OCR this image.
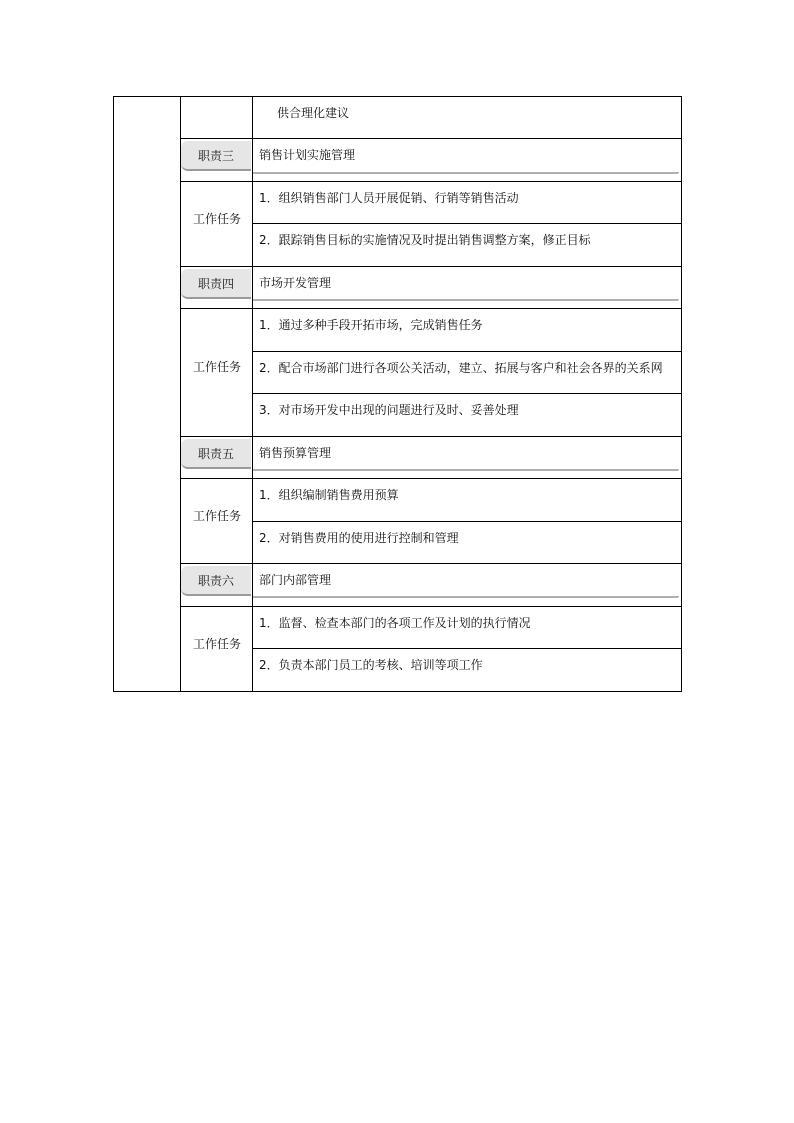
供合理化建议
职责三	销售计划实施管理
工作任务
1．组织销售部门人员开展促销、行销等销售活动
2．跟踪销售目标的实施情况及时提出销售调整方案，修正目标
职责四	市场开发管理
工作任务
1．通过多种手段开拓市场，完成销售任务
2．配合市场部门进行各项公关活动，建立、拓展与客户和社会各界的关系网
3．对市场开发中出现的问题进行及时、妥善处理
职责五	销售预算管理
工作任务
1．组织编制销售费用预算
2．对销售费用的使用进行控制和管理
职责六	部门内部管理
工作任务
1．监督、检查本部门的各项工作及计划的执行情况
2．负责本部门员工的考核、培训等项工作
